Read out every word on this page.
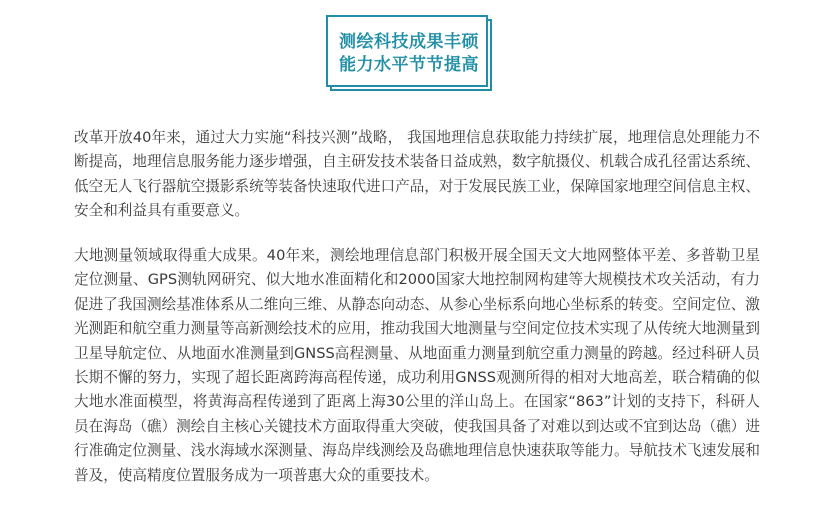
测绘科技成果丰硕
能力水平节节提高

改革开放40年来，通过大力实施“科技兴测”战略， 我国地理信息获取能力持续扩展，地理信息处理能力不断提高，地理信息服务能力逐步增强，自主研发技术装备日益成熟，数字航摄仪、机载合成孔径雷达系统、低空无人飞行器航空摄影系统等装备快速取代进口产品，对于发展民族工业，保障国家地理空间信息主权、安全和利益具有重要意义。

大地测量领域取得重大成果。40年来，测绘地理信息部门积极开展全国天文大地网整体平差、多普勒卫星定位测量、GPS测轨网研究、似大地水准面精化和2000国家大地控制网构建等大规模技术攻关活动，有力促进了我国测绘基准体系从二维向三维、从静态向动态、从参心坐标系向地心坐标系的转变。空间定位、激光测距和航空重力测量等高新测绘技术的应用，推动我国大地测量与空间定位技术实现了从传统大地测量到卫星导航定位、从地面水准测量到GNSS高程测量、从地面重力测量到航空重力测量的跨越。经过科研人员长期不懈的努力，实现了超长距离跨海高程传递，成功利用GNSS观测所得的相对大地高差，联合精确的似大地水准面模型，将黄海高程传递到了距离上海30公里的洋山岛上。在国家“863”计划的支持下，科研人员在海岛（礁）测绘自主核心关键技术方面取得重大突破，使我国具备了对难以到达或不宜到达岛（礁）进行准确定位测量、浅水海域水深测量、海岛岸线测绘及岛礁地理信息快速获取等能力。导航技术飞速发展和普及，使高精度位置服务成为一项普惠大众的重要技术。
